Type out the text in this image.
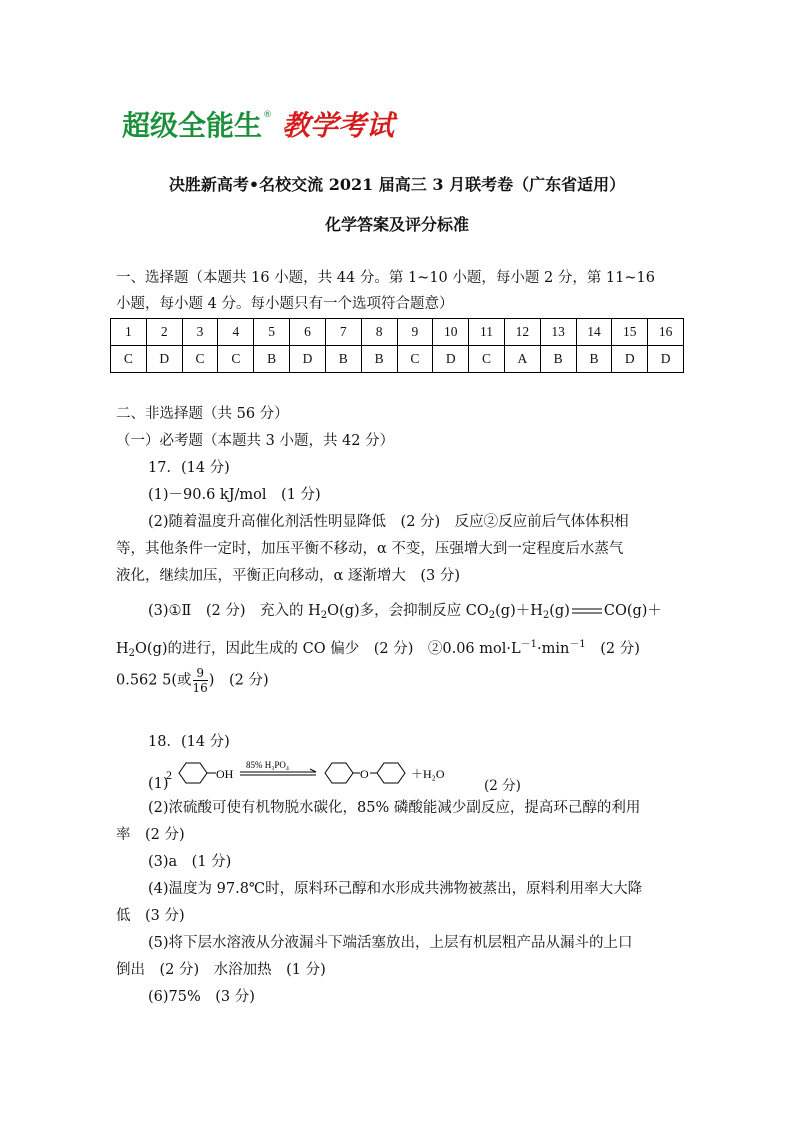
超级全能生 ® 教学考试
决胜新高考•名校交流 2021 届高三 3 月联考卷（广东省适用）
化学答案及评分标准
一、选择题（本题共 16 小题，共 44 分。第 1~10 小题，每小题 2 分，第 11~16
小题，每小题 4 分。每小题只有一个选项符合题意）
1	2	3	4	5	6	7	8	9	10	11	12	13	14	15	16
C	D	C	C	B	D	B	B	C	D	C	A	B	B	D	D
二、非选择题（共 56 分）
（一）必考题（本题共 3 小题，共 42 分）
17．(14 分)
(1)－90.6 kJ/mol　(1 分)
(2)随着温度升高催化剂活性明显降低　(2 分)　反应②反应前后气体体积相
等，其他条件一定时，加压平衡不移动，α 不变，压强增大到一定程度后水蒸气
液化，继续加压，平衡正向移动，α 逐渐增大　(3 分)
(3)①Ⅱ　(2 分)　充入的 $H_2O(g)$多，会抑制反应 $CO_2(g)+H_2(g)$ CO(g)＋
$H_2O(g)$的进行，因此生成的 CO 偏少　(2 分)　②0.06 $mol\cdot L^{-1}\cdot\min^{-1}$　(2 分)
0.562 5(或 $\frac{9}{16}$ )　(2 分)
18．(14 分)
(1)
2	OH
85% H₃PO₄
O	＋H₂O
(2 分)
(2)浓硫酸可使有机物脱水碳化，85% 磷酸能减少副反应，提高环己醇的利用
率　(2 分)
(3)a　(1 分)
(4)温度为 97.8℃时，原料环己醇和水形成共沸物被蒸出，原料利用率大大降
低　(3 分)
(5)将下层水溶液从分液漏斗下端活塞放出，上层有机层粗产品从漏斗的上口
倒出　(2 分)　水浴加热　(1 分)
(6)75%　(3 分)
